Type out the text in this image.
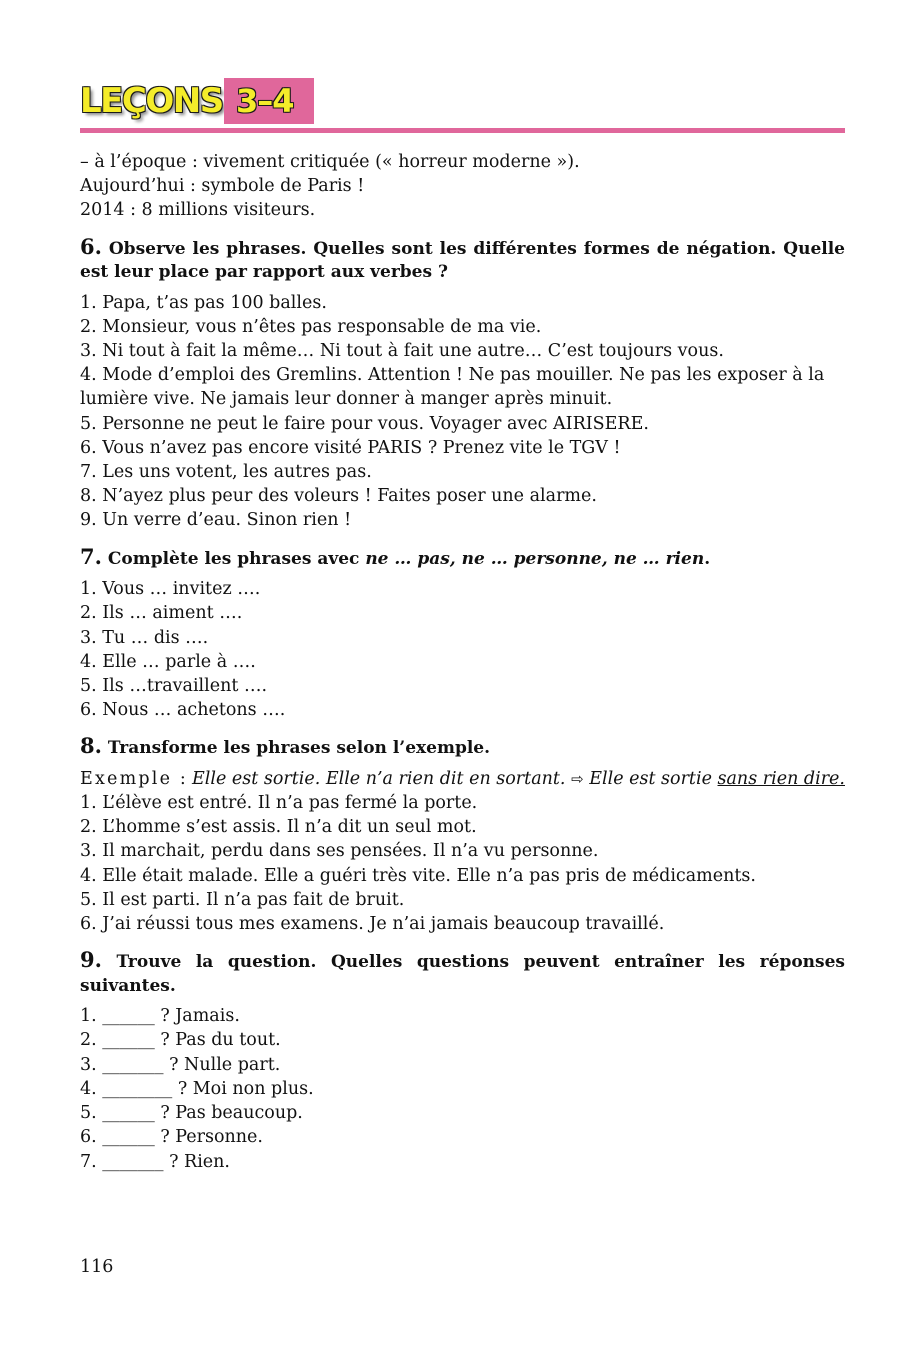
LEÇONS 3–4

– à l’époque : vivement critiquée (« horreur moderne »).

Aujourd’hui : symbole de Paris !

2014 : 8 millions visiteurs.

6. Observe les phrases. Quelles sont les différentes formes de négation. Quelle est leur place par rapport aux verbes ?

1. Papa, t’as pas 100 balles.

2. Monsieur, vous n’êtes pas responsable de ma vie.

3. Ni tout à fait la même… Ni tout à fait une autre… C’est toujours vous.

4. Mode d’emploi des Gremlins. Attention ! Ne pas mouiller. Ne pas les exposer à la lumière vive. Ne jamais leur donner à manger après minuit.

5. Personne ne peut le faire pour vous. Voyager avec AIRISERE.

6. Vous n’avez pas encore visité PARIS ? Prenez vite le TGV !

7. Les uns votent, les autres pas.

8. N’ayez plus peur des voleurs ! Faites poser une alarme.

9. Un verre d’eau. Sinon rien !

7. Complète les phrases avec ne … pas, ne … personne, ne … rien.

1. Vous … invitez ….

2. Ils … aiment ….

3. Tu … dis ….

4. Elle … parle à ….

5. Ils …travaillent ….

6. Nous … achetons ….

8. Transforme les phrases selon l’exemple.
Exemple : Elle est sortie. Elle n’a rien dit en sortant. ⇨ Elle est sortie sans rien dire.

1. L’élève est entré. Il n’a pas fermé la porte.

2. L’homme s’est assis. Il n’a dit un seul mot.

3. Il marchait, perdu dans ses pensées. Il n’a vu personne.

4. Elle était malade. Elle a guéri très vite. Elle n’a pas pris de médicaments.

5. Il est parti. Il n’a pas fait de bruit.

6. J’ai réussi tous mes examens. Je n’ai jamais beaucoup travaillé.

9. Trouve la question. Quelles questions peuvent entraîner les réponses suivantes.

1. ______ ? Jamais.

2. ______ ? Pas du tout.

3. _______ ? Nulle part.

4. ________ ? Moi non plus.

5. ______ ? Pas beaucoup.

6. ______ ? Personne.

7. _______ ? Rien.

116
